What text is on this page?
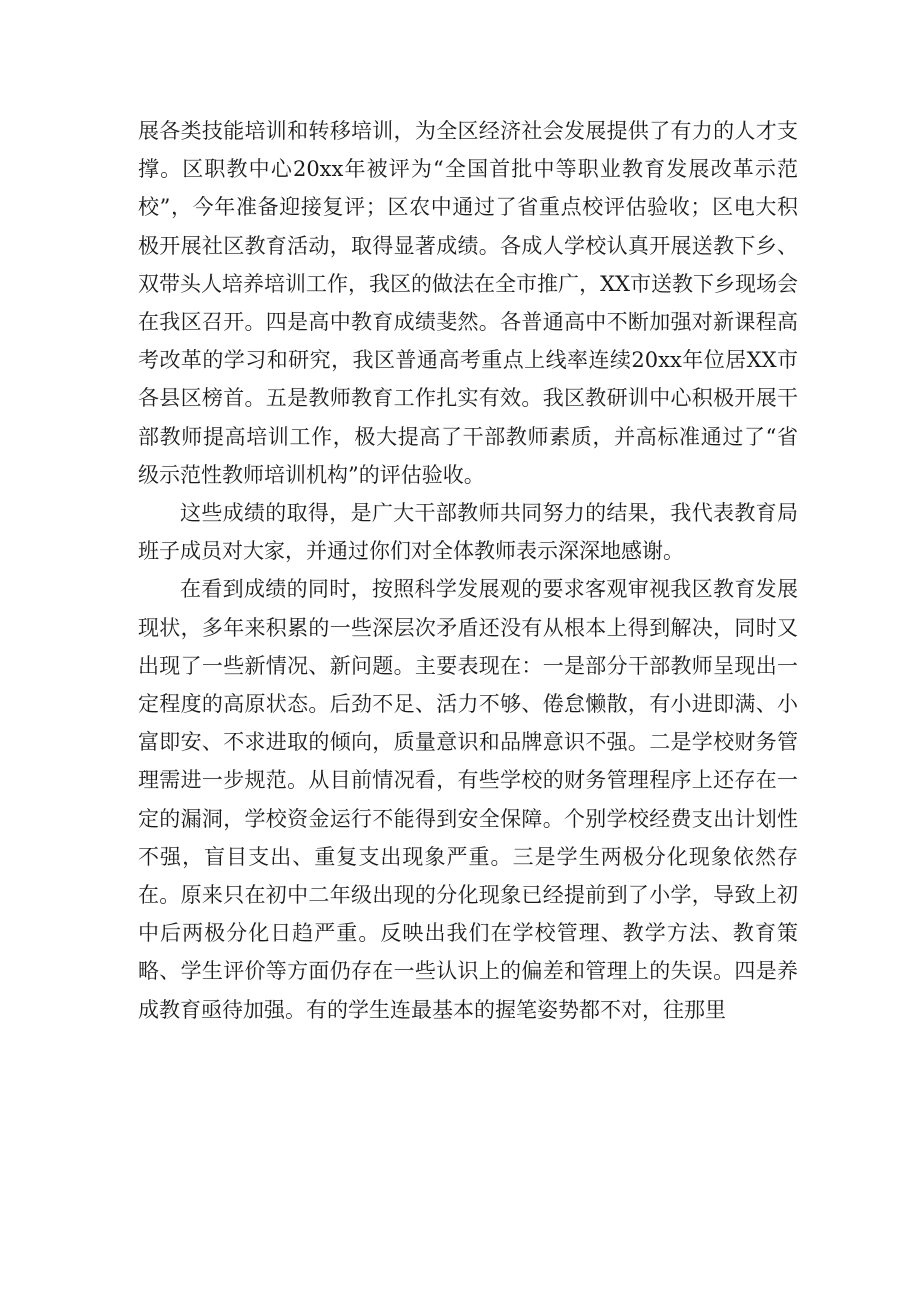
展各类技能培训和转移培训，为全区经济社会发展提供了有力的人才支撑。区职教中心20xx年被评为“全国首批中等职业教育发展改革示范校”，今年准备迎接复评；区农中通过了省重点校评估验收；区电大积极开展社区教育活动，取得显著成绩。各成人学校认真开展送教下乡、双带头人培养培训工作，我区的做法在全市推广，XX市送教下乡现场会在我区召开。四是高中教育成绩斐然。各普通高中不断加强对新课程高考改革的学习和研究，我区普通高考重点上线率连续20xx年位居XX市各县区榜首。五是教师教育工作扎实有效。我区教研训中心积极开展干部教师提高培训工作，极大提高了干部教师素质，并高标准通过了“省级示范性教师培训机构”的评估验收。

这些成绩的取得，是广大干部教师共同努力的结果，我代表教育局班子成员对大家，并通过你们对全体教师表示深深地感谢。

在看到成绩的同时，按照科学发展观的要求客观审视我区教育发展现状，多年来积累的一些深层次矛盾还没有从根本上得到解决，同时又出现了一些新情况、新问题。主要表现在：一是部分干部教师呈现出一定程度的高原状态。后劲不足、活力不够、倦怠懒散，有小进即满、小富即安、不求进取的倾向，质量意识和品牌意识不强。二是学校财务管理需进一步规范。从目前情况看，有些学校的财务管理程序上还存在一定的漏洞，学校资金运行不能得到安全保障。个别学校经费支出计划性不强，盲目支出、重复支出现象严重。三是学生两极分化现象依然存在。原来只在初中二年级出现的分化现象已经提前到了小学，导致上初中后两极分化日趋严重。反映出我们在学校管理、教学方法、教育策略、学生评价等方面仍存在一些认识上的偏差和管理上的失误。四是养成教育亟待加强。有的学生连最基本的握笔姿势都不对，往那里
